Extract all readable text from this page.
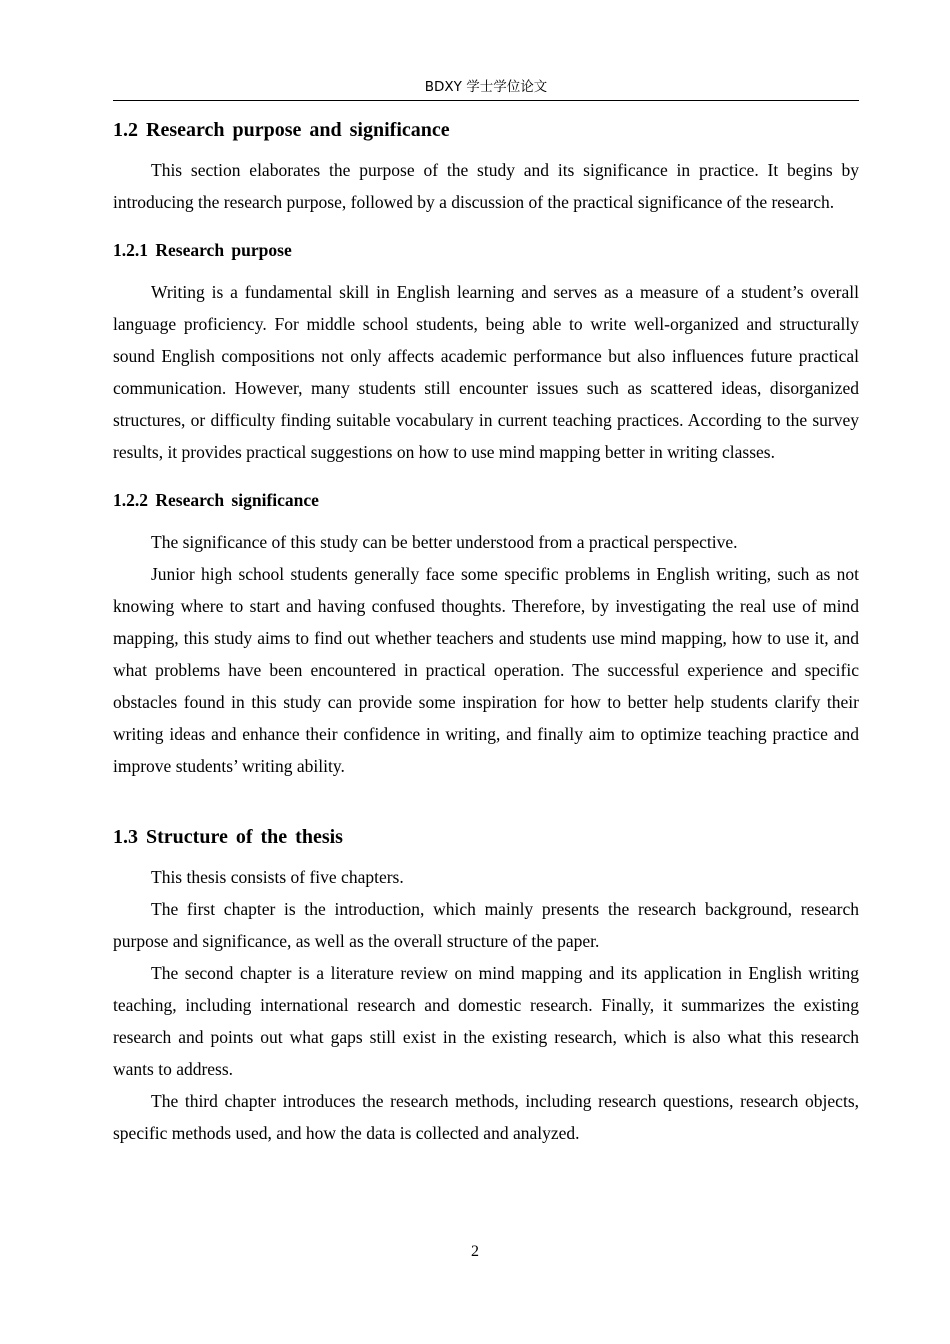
BDXY 学士学位论文
1.2 Research purpose and significance

This section elaborates the purpose of the study and its significance in practice. It begins by introducing the research purpose, followed by a discussion of the practical significance of the research.

1.2.1 Research purpose

Writing is a fundamental skill in English learning and serves as a measure of a student’s overall language proficiency. For middle school students, being able to write well-organized and structurally sound English compositions not only affects academic performance but also influences future practical communication. However, many students still encounter issues such as scattered ideas, disorganized structures, or difficulty finding suitable vocabulary in current teaching practices. According to the survey results, it provides practical suggestions on how to use mind mapping better in writing classes.

1.2.2 Research significance

The significance of this study can be better understood from a practical perspective.

Junior high school students generally face some specific problems in English writing, such as not knowing where to start and having confused thoughts. Therefore, by investigating the real use of mind mapping, this study aims to find out whether teachers and students use mind mapping, how to use it, and what problems have been encountered in practical operation. The successful experience and specific obstacles found in this study can provide some inspiration for how to better help students clarify their writing ideas and enhance their confidence in writing, and finally aim to optimize teaching practice and improve students’ writing ability.

1.3 Structure of the thesis

This thesis consists of five chapters.

The first chapter is the introduction, which mainly presents the research background, research purpose and significance, as well as the overall structure of the paper.

The second chapter is a literature review on mind mapping and its application in English writing teaching, including international research and domestic research. Finally, it summarizes the existing research and points out what gaps still exist in the existing research, which is also what this research wants to address.

The third chapter introduces the research methods, including research questions, research objects, specific methods used, and how the data is collected and analyzed.

2
